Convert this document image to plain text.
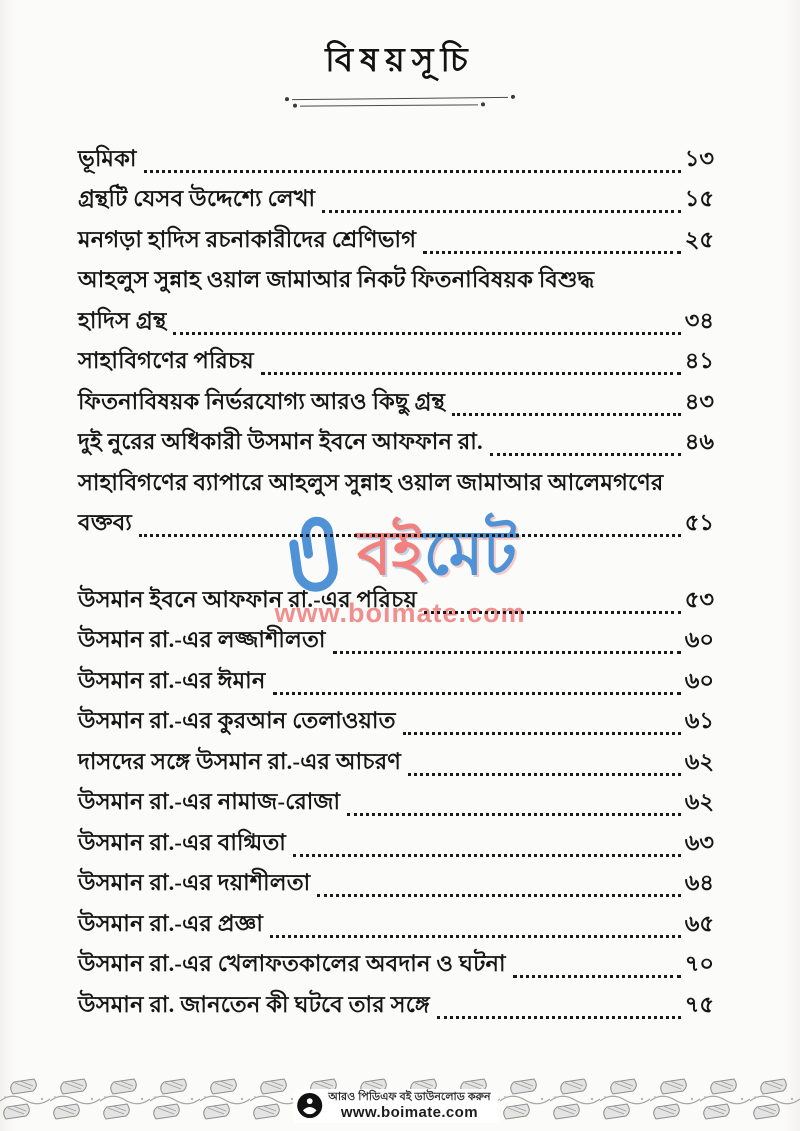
বিষয়সূচি
বইমেট
www.boimate.com
ভূমিকা	১৩
গ্রন্থটি যেসব উদ্দেশ্যে লেখা	১৫
মনগড়া হাদিস রচনাকারীদের শ্রেণিভাগ	২৫
আহলুস সুন্নাহ ওয়াল জামাআর নিকট ফিতনাবিষয়ক বিশুদ্ধ
হাদিস গ্রন্থ	৩৪
সাহাবিগণের পরিচয়	৪১
ফিতনাবিষয়ক নির্ভরযোগ্য আরও কিছু গ্রন্থ	৪৩
দুই নুরের অধিকারী উসমান ইবনে আফফান রা.	৪৬
সাহাবিগণের ব্যাপারে আহলুস সুন্নাহ ওয়াল জামাআর আলেমগণের
বক্তব্য	৫১
উসমান ইবনে আফফান রা.-এর পরিচয়	৫৩
উসমান রা.-এর লজ্জাশীলতা	৬০
উসমান রা.-এর ঈমান	৬০
উসমান রা.-এর কুরআন তেলাওয়াত	৬১
দাসদের সঙ্গে উসমান রা.-এর আচরণ	৬২
উসমান রা.-এর নামাজ-রোজা	৬২
উসমান রা.-এর বাগ্মিতা	৬৩
উসমান রা.-এর দয়াশীলতা	৬৪
উসমান রা.-এর প্রজ্ঞা	৬৫
উসমান রা.-এর খেলাফতকালের অবদান ও ঘটনা	৭০
উসমান রা. জানতেন কী ঘটবে তার সঙ্গে	৭৫
আরও পিডিএফ বই ডাউনলোড করুন
www.boimate.com
